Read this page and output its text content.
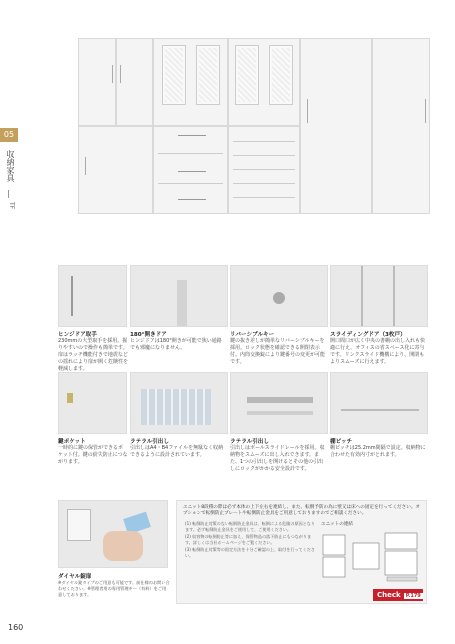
05
収納家具
TF
ヒンジドア取手
230mmの大型取手を採用。握りやすいので操作も簡単です。扉はラッチ機能付きで地震などの揺れにより扉が開く危険性を軽減します。
180°開きドア
ヒンジドアは180°開きが可能で狭い通路でも邪魔になりません。
リバーシブルキー
鍵の抜き差しが簡単なリバーシブルキーを採用。ロック状態を確認できる開閉表示付。内筒交換錠により鍵番号の変更が可能です。
スライディングドア（3枚戸）
開口間口が広く中央の書棚の出し入れも快適に行え、オフィスの省スペース化に寄与です。リンクスライド機構により、開閉もよりスムーズに行えます。
鍵ポケット
一時的に鍵の保管ができるポケット付。鍵の紛失防止につながります。
ラテラル引出し
引出しはA4・B4ファイルを無駄なく収納できるように設計されています。
ラテラル引出し
引出しはボールスライドレールを採用。収納物をスムーズに出し入れできます。また、1つの引出しを開けるとその他の引出しにロックがかかる安全設計です。
棚ピッチ
棚ピッチは25.2mm間隔で設定。収納物に合わせた有効内寸がとれます。
ダイヤル錠扉
※ダイヤル錠タイプのご用意も可能です。前仕様のお問い合わせください。※管理者用の専用管理キー（有料）をご用意しております。
ユニット8段積の際は必ず本体の上下左右を連結し、また、転倒予防の為に壁又は床への固定を行ってください。オプションで転倒防止プレートや転倒防止金具をご用意しておりますのでご相談ください。
(1) 転倒防止対策のない転倒防止金具は、転倒による危険の原因となります。必ず転倒防止金具をご使用して、ご使用ください。
(2) 収容物の転倒防止等に加え、保管物品の落下防止にもつながります。詳しくは当社ホームページをご覧ください。
(3) 転倒防止対策等の固定方法を十分ご確認の上、取付を行ってください。
ユニットの連結
Check P.179
160
